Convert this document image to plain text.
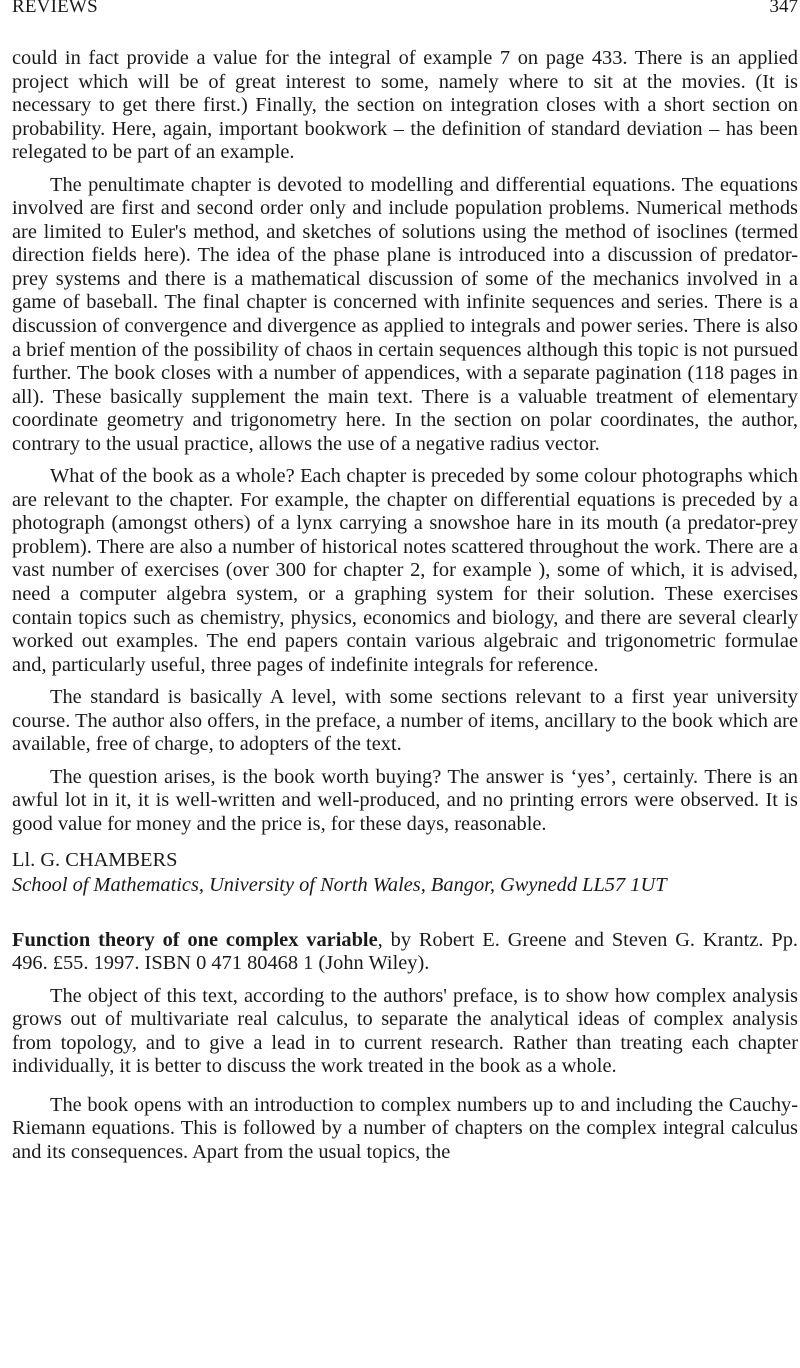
REVIEWS	347

could in fact provide a value for the integral of example 7 on page 433. There is an applied project which will be of great interest to some, namely where to sit at the movies. (It is necessary to get there first.) Finally, the section on integration closes with a short section on probability. Here, again, important bookwork – the definition of standard deviation – has been relegated to be part of an example.

The penultimate chapter is devoted to modelling and differential equations. The equations involved are first and second order only and include population problems. Numerical methods are limited to Euler's method, and sketches of solutions using the method of isoclines (termed direction fields here). The idea of the phase plane is introduced into a discussion of predator-prey systems and there is a mathematical discussion of some of the mechanics involved in a game of baseball. The final chapter is concerned with infinite sequences and series. There is a discussion of convergence and divergence as applied to integrals and power series. There is also a brief mention of the possibility of chaos in certain sequences although this topic is not pursued further. The book closes with a number of appendices, with a separate pagination (118 pages in all). These basically supplement the main text. There is a valuable treatment of elementary coordinate geometry and trigonometry here. In the section on polar coordinates, the author, contrary to the usual practice, allows the use of a negative radius vector.

What of the book as a whole? Each chapter is preceded by some colour photographs which are relevant to the chapter. For example, the chapter on differential equations is preceded by a photograph (amongst others) of a lynx carrying a snowshoe hare in its mouth (a predator-prey problem). There are also a number of historical notes scattered throughout the work. There are a vast number of exercises (over 300 for chapter 2, for example ), some of which, it is advised, need a computer algebra system, or a graphing system for their solution. These exercises contain topics such as chemistry, physics, economics and biology, and there are several clearly worked out examples. The end papers contain various algebraic and trigonometric formulae and, particularly useful, three pages of indefinite integrals for reference.

The standard is basically A level, with some sections relevant to a first year university course. The author also offers, in the preface, a number of items, ancillary to the book which are available, free of charge, to adopters of the text.

The question arises, is the book worth buying? The answer is ‘yes’, certainly. There is an awful lot in it, it is well-written and well-produced, and no printing errors were observed. It is good value for money and the price is, for these days, reasonable.

Ll. G. CHAMBERS

School of Mathematics, University of North Wales, Bangor, Gwynedd LL57 1UT

Function theory of one complex variable, by Robert E. Greene and Steven G. Krantz. Pp. 496. £55. 1997. ISBN 0 471 80468 1 (John Wiley).

The object of this text, according to the authors' preface, is to show how complex analysis grows out of multivariate real calculus, to separate the analytical ideas of complex analysis from topology, and to give a lead in to current research. Rather than treating each chapter individually, it is better to discuss the work treated in the book as a whole.

The book opens with an introduction to complex numbers up to and including the Cauchy-Riemann equations. This is followed by a number of chapters on the complex integral calculus and its consequences. Apart from the usual topics, the
